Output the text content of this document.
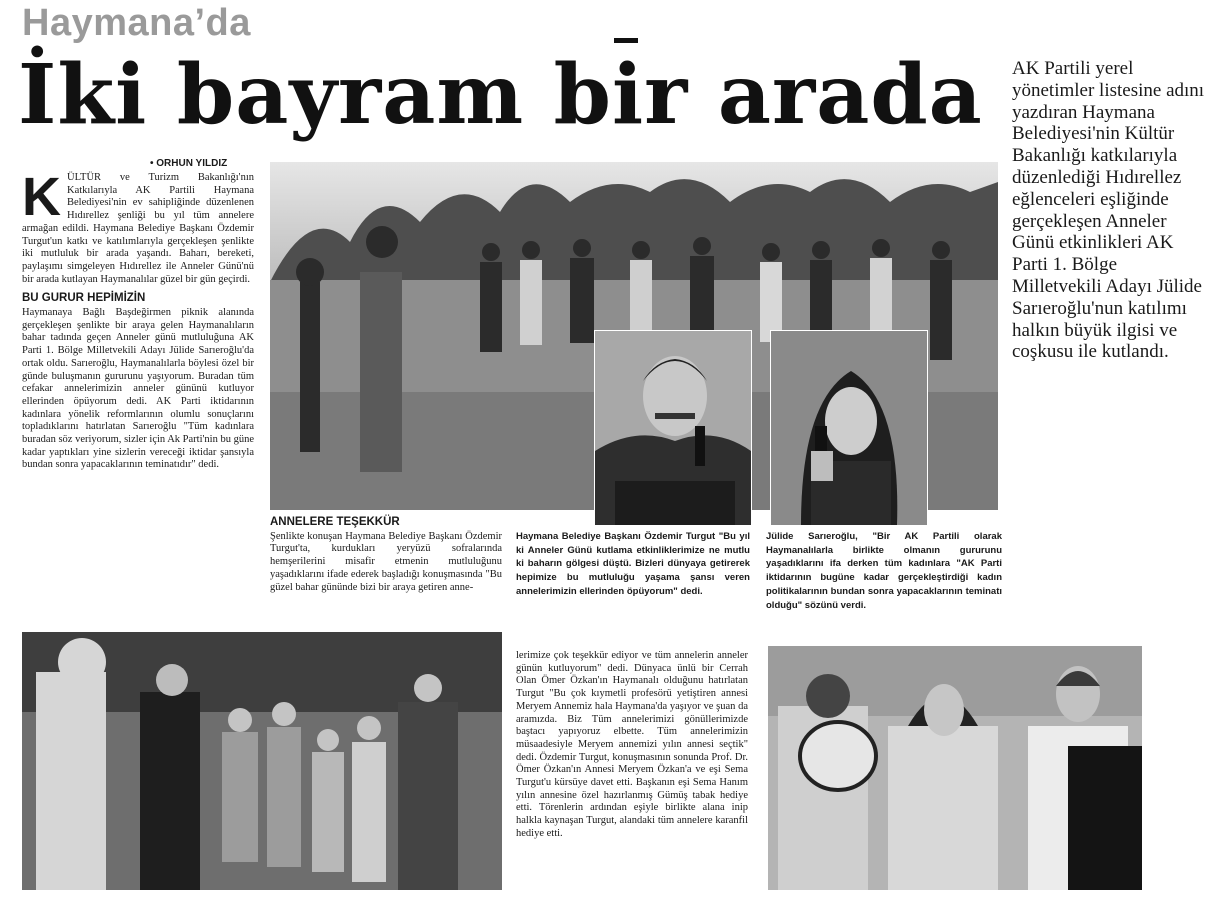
Haymana’da
İki bayram bir arada AK Partili yerel yönetimler listesine adını yazdıran Haymana Belediyesi'nin Kültür Bakanlığı katkılarıyla düzenlediği Hıdırellez eğlenceleri eşliğinde gerçekleşen Anneler Günü etkinlikleri AK Parti 1. Bölge Milletvekili Adayı Jülide Sarıeroğlu'nun katılımı halkın büyük ilgisi ve coşkusu ile kutlandı.
• ORHUN YILDIZ

KÜLTÜR ve Turizm Bakanlığı'nın Katkılarıyla AK Partili Haymana Belediyesi'nin ev sahipliğinde düzenlenen Hıdırellez şenliği bu yıl tüm annelere armağan edildi. Haymana Belediye Başkanı Özdemir Turgut'un katkı ve katılımlarıyla gerçekleşen şenlikte iki mutluluk bir arada yaşandı. Baharı, bereketi, paylaşımı simgeleyen Hıdırellez ile Anneler Günü'nü bir arada kutlayan Haymanalılar güzel bir gün geçirdi.

BU GURUR HEPİMİZİN

Haymanaya Bağlı Başdeğirmen piknik alanında gerçekleşen şenlikte bir araya gelen Haymanalıların bahar tadında geçen Anneler günü mutluluğuna AK Parti 1. Bölge Milletvekili Adayı Jülide Sarıeroğlu'da ortak oldu. Sarıeroğlu, Haymanalılarla böylesi özel bir günde buluşmanın gururunu yaşıyorum. Buradan tüm cefakar annelerimizin anneler gününü kutluyor ellerinden öpüyorum dedi. AK Parti iktidarının kadınlara yönelik reformlarının olumlu sonuçlarını topladıklarını hatırlatan Sarıeroğlu "Tüm kadınlara buradan söz veriyorum, sizler için Ak Parti'nin bu güne kadar yaptıkları yine sizlerin vereceği iktidar şansıyla bundan sonra yapacaklarının teminatıdır" dedi.

ANNELERE TEŞEKKÜR

Şenlikte konuşan Haymana Belediye Başkanı Özdemir Turgut'ta, kurdukları yeryüzü sofralarında hemşerilerini misafir etmenin mutluluğunu yaşadıklarını ifade ederek başladığı konuşmasında "Bu güzel bahar gününde bizi bir araya getiren anne-

Haymana Belediye Başkanı Özdemir Turgut "Bu yıl ki Anneler Günü kutlama etkinliklerimize ne mutlu ki baharın gölgesi düştü. Bizleri dünyaya getirerek hepimize bu mutluluğu yaşama şansı veren annelerimizin ellerinden öpüyorum" dedi.
Jülide Sarıeroğlu, "Bir AK Partili olarak Haymanalılarla birlikte olmanın gururunu yaşadıklarını ifa derken tüm kadınlara "AK Parti iktidarının bugüne kadar gerçekleştirdiği kadın politikalarının bundan sonra yapacaklarının teminatı olduğu" sözünü verdi.

lerimize çok teşekkür ediyor ve tüm annelerin anneler günün kutluyorum" dedi. Dünyaca ünlü bir Cerrah Olan Ömer Özkan'ın Haymanalı olduğunu hatırlatan Turgut "Bu çok kıymetli profesörü yetiştiren annesi Meryem Annemiz hala Haymana'da yaşıyor ve şuan da aramızda. Biz Tüm annelerimizi gönüllerimizde baştacı yapıyoruz elbette. Tüm annelerimizin müsaadesiyle Meryem annemizi yılın annesi seçtik" dedi. Özdemir Turgut, konuşmasının sonunda Prof. Dr. Ömer Özkan'ın Annesi Meryem Özkan'a ve eşi Sema Turgut'u kürsüye davet etti. Başkanın eşi Sema Hanım yılın annesine özel hazırlanmış Gümüş tabak hediye etti. Törenlerin ardından eşiyle birlikte alana inip halkla kaynaşan Turgut, alandaki tüm annelere karanfil hediye etti.
